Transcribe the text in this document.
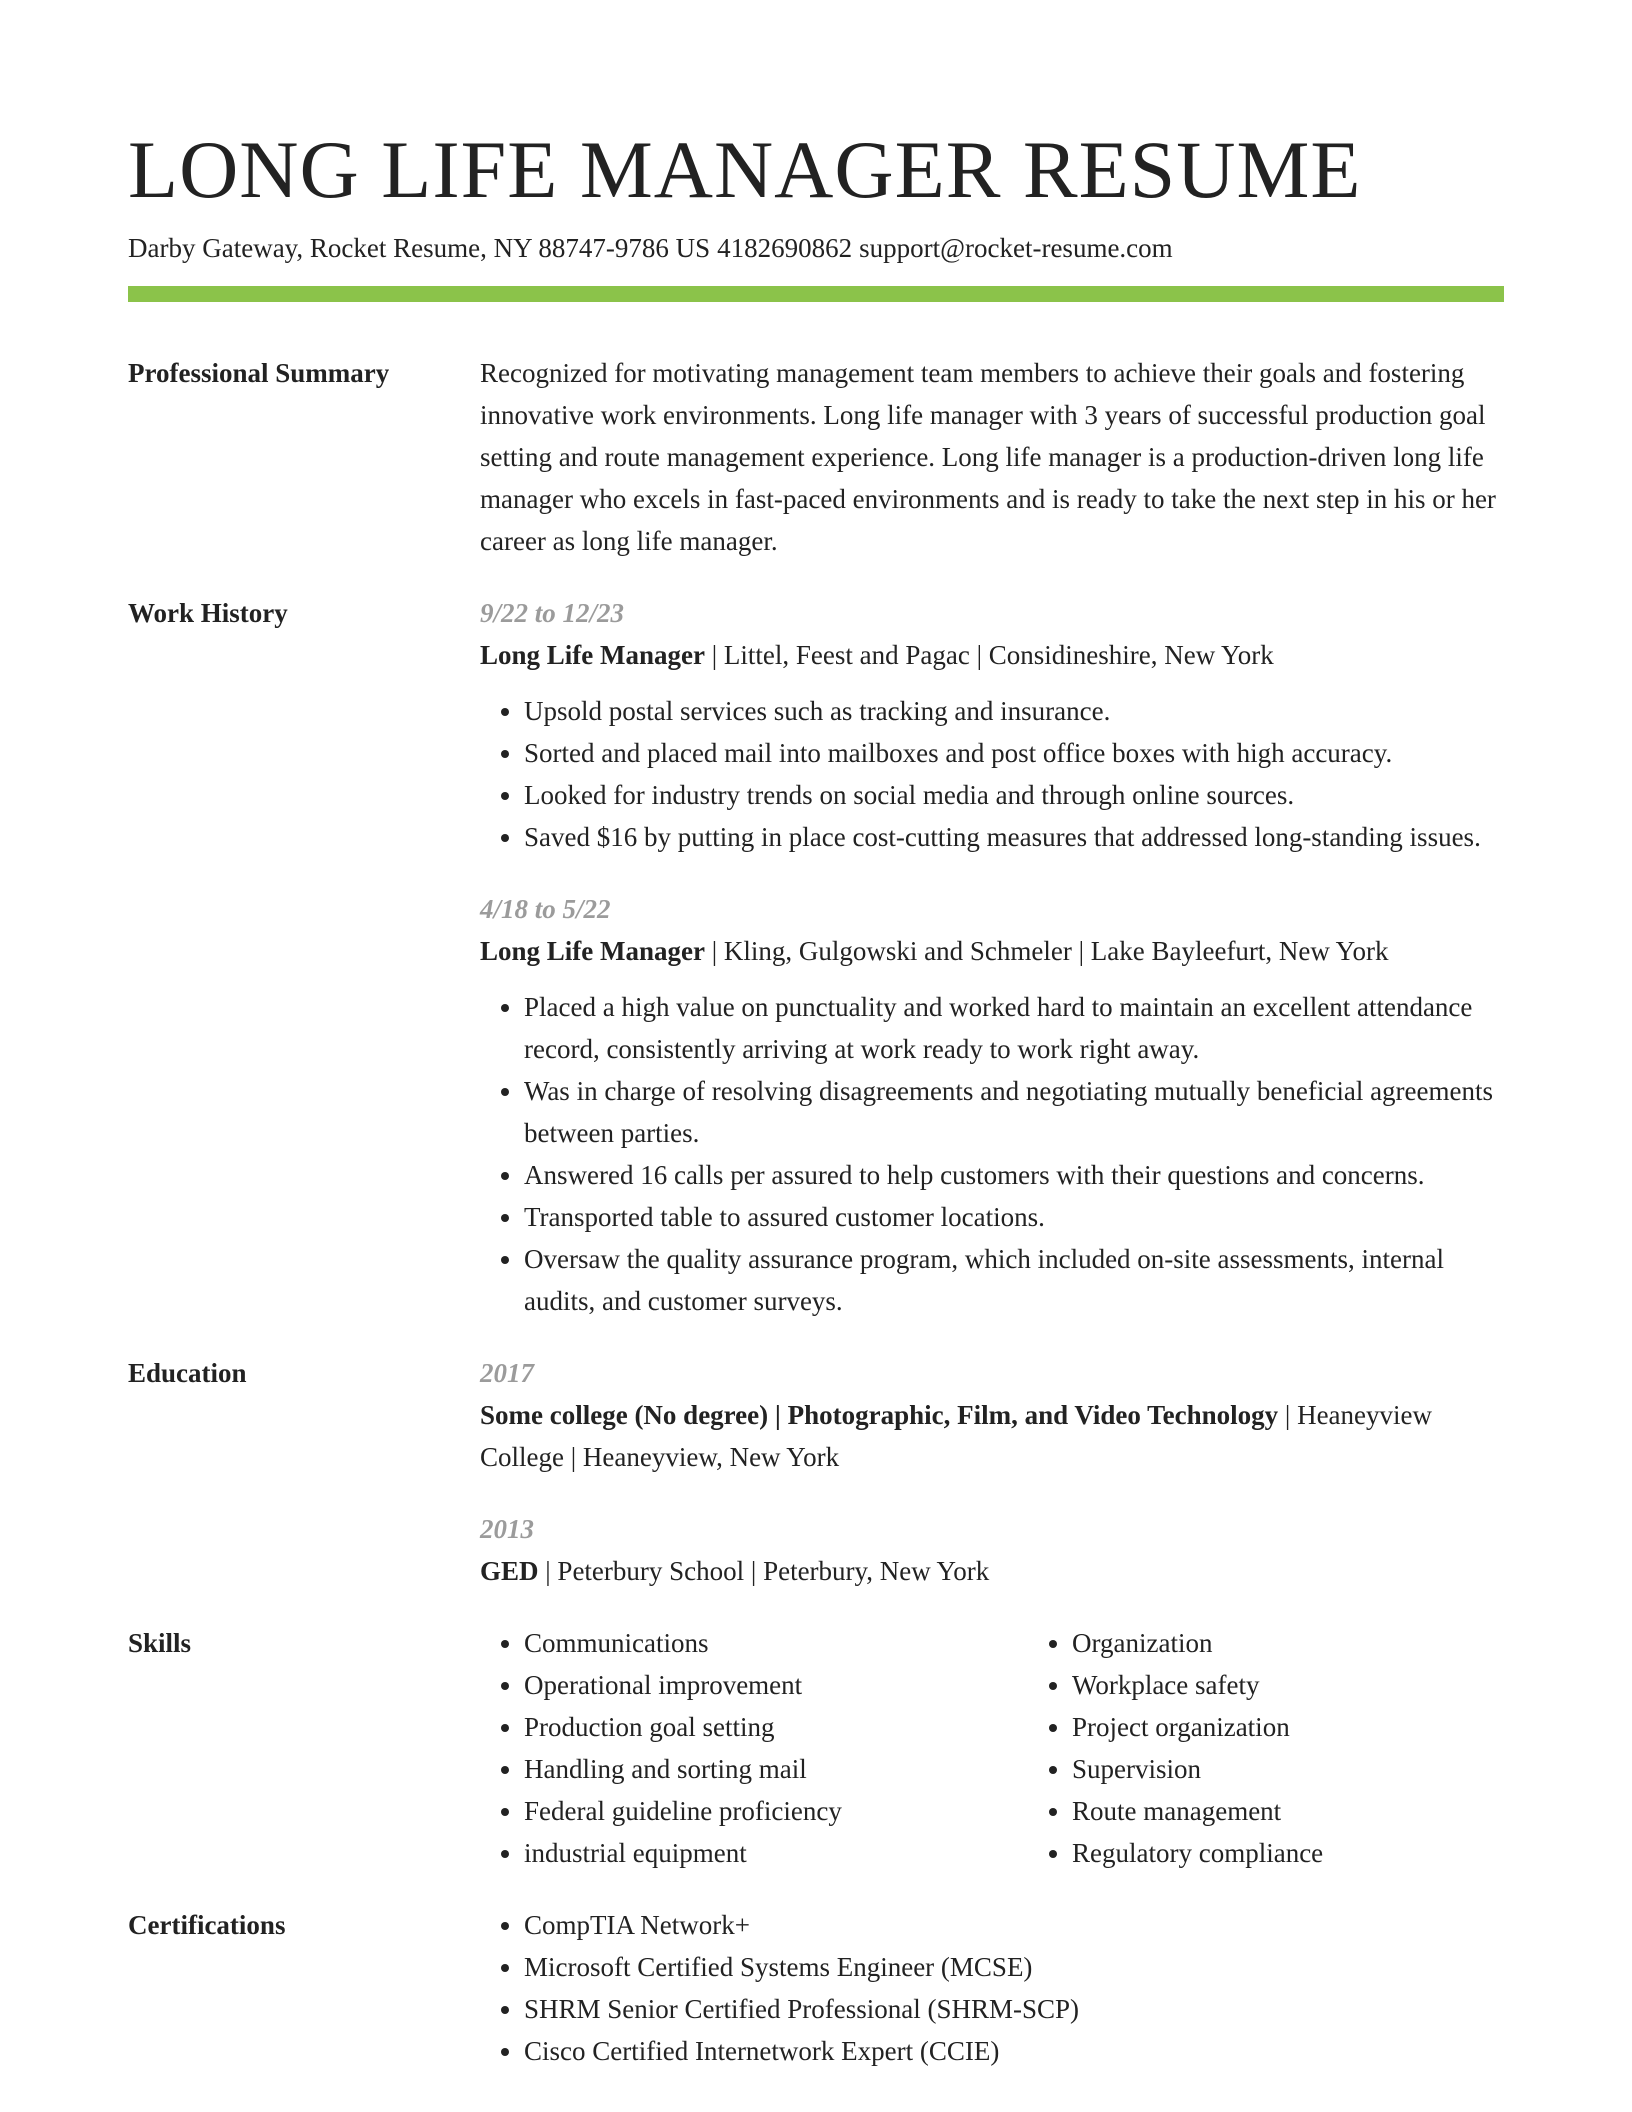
LONG LIFE MANAGER RESUME
Darby Gateway, Rocket Resume, NY 88747-9786 US 4182690862 support@rocket-resume.com
Professional Summary	Recognized for motivating management team members to achieve their goals and fostering innovative work environments. Long life manager with 3 years of successful production goal setting and route management experience. Long life manager is a production-driven long life manager who excels in fast-paced environments and is ready to take the next step in his or her career as long life manager.
Work History	9/22 to 12/23
Long Life Manager | Littel, Feest and Pagac | Considineshire, New York
• Upsold postal services such as tracking and insurance.
• Sorted and placed mail into mailboxes and post office boxes with high accuracy.
• Looked for industry trends on social media and through online sources.
• Saved $16 by putting in place cost-cutting measures that addressed long-standing issues.
4/18 to 5/22
Long Life Manager | Kling, Gulgowski and Schmeler | Lake Bayleefurt, New York
• Placed a high value on punctuality and worked hard to maintain an excellent attendance record, consistently arriving at work ready to work right away.
• Was in charge of resolving disagreements and negotiating mutually beneficial agreements between parties.
• Answered 16 calls per assured to help customers with their questions and concerns.
• Transported table to assured customer locations.
• Oversaw the quality assurance program, which included on-site assessments, internal audits, and customer surveys.
Education	2017
Some college (No degree) | Photographic, Film, and Video Technology | Heaneyview College | Heaneyview, New York
2013
GED | Peterbury School | Peterbury, New York
Skills	• Communications
• Operational improvement
• Production goal setting
• Handling and sorting mail
• Federal guideline proficiency
• industrial equipment
• Organization
• Workplace safety
• Project organization
• Supervision
• Route management
• Regulatory compliance
Certifications	• CompTIA Network+
• Microsoft Certified Systems Engineer (MCSE)
• SHRM Senior Certified Professional (SHRM-SCP)
• Cisco Certified Internetwork Expert (CCIE)
